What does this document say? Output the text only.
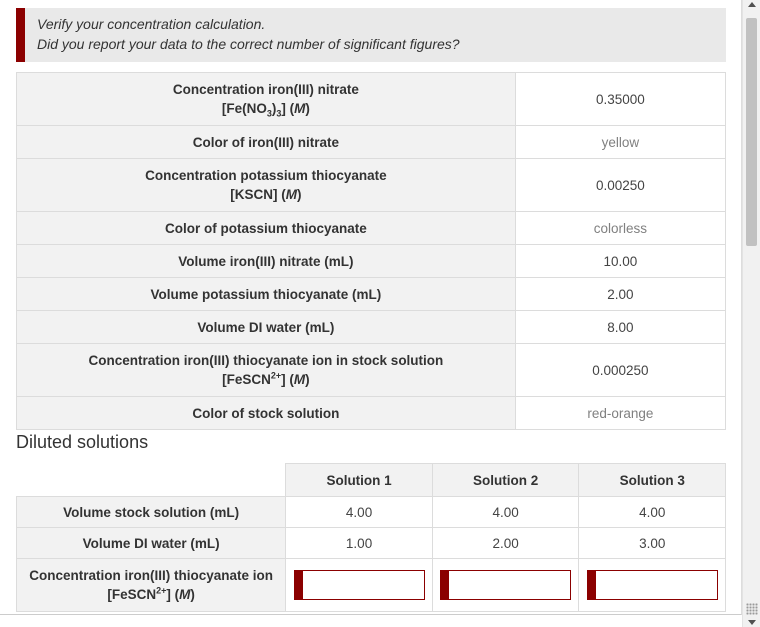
Verify your concentration calculation.
Did you report your data to the correct number of significant figures?
Concentration iron(III) nitrate
$[Fe(NO_3)_3]$ (M)	0.35000
Color of iron(III) nitrate	yellow

Concentration potassium thiocyanate
[KSCN] (M)	0.00250
Color of potassium thiocyanate	colorless
Volume iron(III) nitrate (mL)	10.00
Volume potassium thiocyanate (mL)	2.00
Volume DI water (mL)	8.00

Concentration iron(III) thiocyanate ion in stock solution
[FeSCN$^{2+}$] (M)	0.000250
Color of stock solution	red-orange
Diluted solutions
	Solution 1	Solution 2	Solution 3
Volume stock solution (mL)	4.00	4.00	4.00
Volume DI water (mL)	1.00	2.00	3.00

Concentration iron(III) thiocyanate ion
[FeSCN$^{2+}$] (M)
